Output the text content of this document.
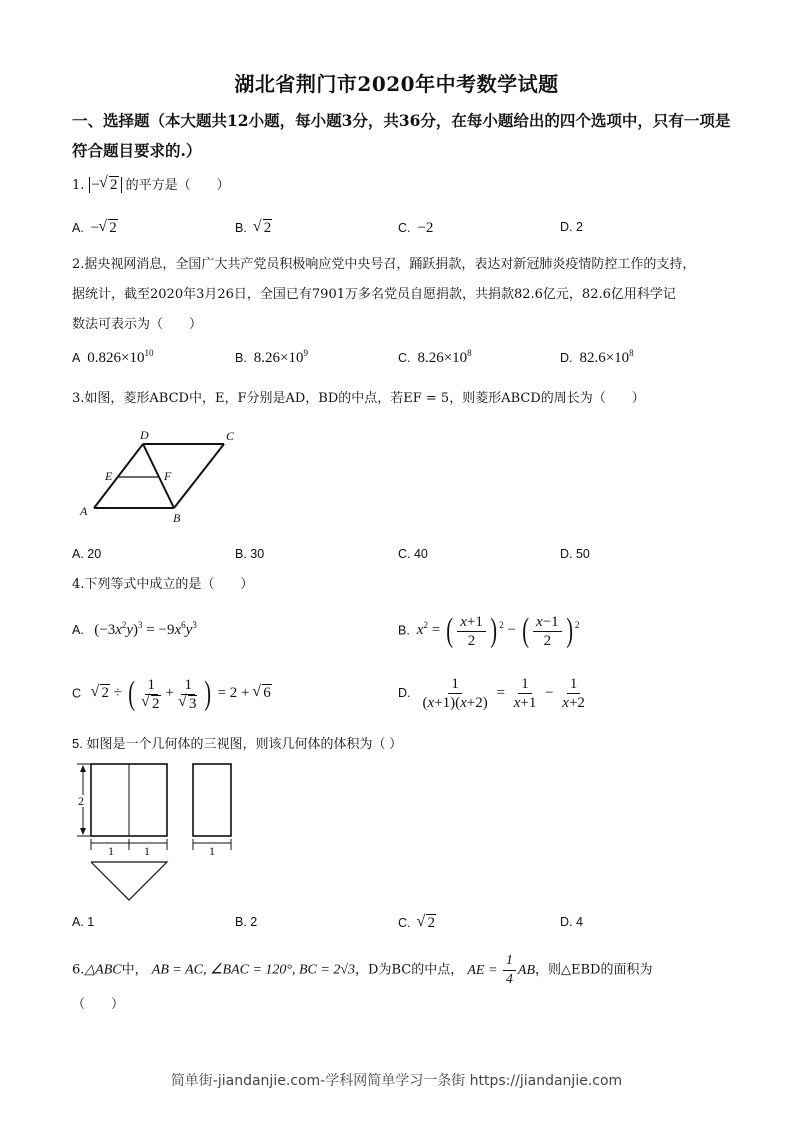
湖北省荆门市2020年中考数学试题
一、选择题（本大题共12小题，每小题3分，共36分，在每小题给出的四个选项中，只有一项是符合题目要求的.）
1. − √ 2 的平方是（　　）
A. − √ 2	B. √ 2	C. −2	D. 2
2.据央视网消息，全国广大共产党员积极响应党中央号召，踊跃捐款，表达对新冠肺炎疫情防控工作的支持，
据统计，截至2020年3月26日，全国已有7901万多名党员自愿捐款，共捐款82.6亿元，82.6亿用科学记
数法可表示为（　　）
A $0.826\times 10^{10}$	B. $8.26\times 10^9$	C. $8.26\times 10^8$	D. $82.6\times 10^8$
3.如图，菱形ABCD中，E，F分别是AD，BD的中点，若EF = 5，则菱形ABCD的周长为（　　）
A	B
C
D
E	F
A. 20	B. 30	C. 40	D. 50
4.下列等式中成立的是（　　）
A. $(-3x^2y)^3 = -9x^6y^3$	B. $x^2$ = ( $\frac{x+1}{2}$ ) $^2$ − ( $\frac{x-1}{2}$ ) $^2$
C √ 2 ÷ ( 1
√ 2 + 1
√ 3 ) = 2 + √ 6	D. $\frac{1}{(x+1)(x+2)} = \frac{1}{x+1} - \frac{1}{x+2}$
5. 如图是一个几何体的三视图，则该几何体的体积为（ ）
2
1	1	1
A. 1	B. 2	C. √ 2	D. 4
6.△ABC中， AB = AC, ∠BAC = 120°, BC = 2√3，D为BC的中点， AE = $\frac{1}{4}$ AB，则△EBD的面积为
（　　）
简单街-jiandanjie.com-学科网简单学习一条街 https://jiandanjie.com
